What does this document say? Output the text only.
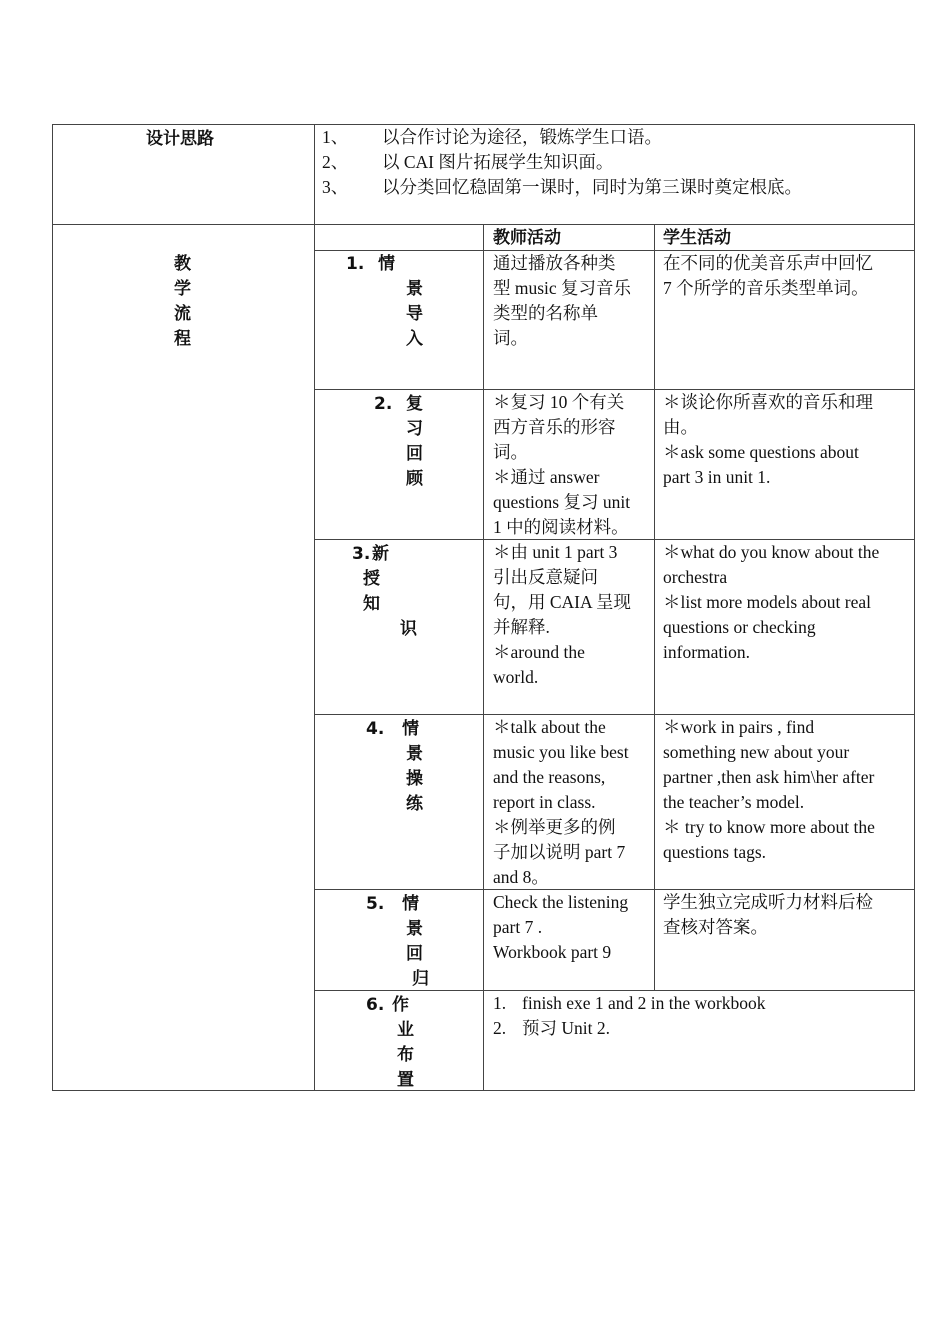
设计思路	1、 以合作讨论为途径，锻炼学生口语。
2、 以 CAI 图片拓展学生知识面。
3、 以分类回忆稳固第一课时，同时为第三课时奠定根底。
教
学
流
程
教师活动	学生活动
1. 情
景
导
入

通过播放各种类

型 music 复习音乐

类型的名称单

词。

在不同的优美音乐声中回忆

7 个所学的音乐类型单词。

2. 复
习
回
顾

＊复习 10 个有关

西方音乐的形容

词。

＊通过 answer

questions 复习 unit

1 中的阅读材料。

＊谈论你所喜欢的音乐和理

由。

＊ask some questions about

part 3 in unit 1.

3. 新
授
知
识

＊由 unit 1 part 3

引出反意疑问

句，用 CAIA 呈现

并解释.

＊around the

world.

＊what do you know about the

orchestra

＊list more models about real

questions or checking

information.

4. 情
景
操
练

＊talk about the

music you like best

and the reasons,

report in class.

＊例举更多的例

子加以说明 part 7

and 8。

＊work in pairs , find

something new about your

partner ,then ask him\her after

the teacher’s model.

＊ try to know more about the

questions tags.

5. 情
景
回
归

Check the listening

part 7 .

Workbook part 9

学生独立完成听力材料后检

查核对答案。

6. 作
业
布
置
1. finish exe 1 and 2 in the workbook
2. 预习 Unit 2.
